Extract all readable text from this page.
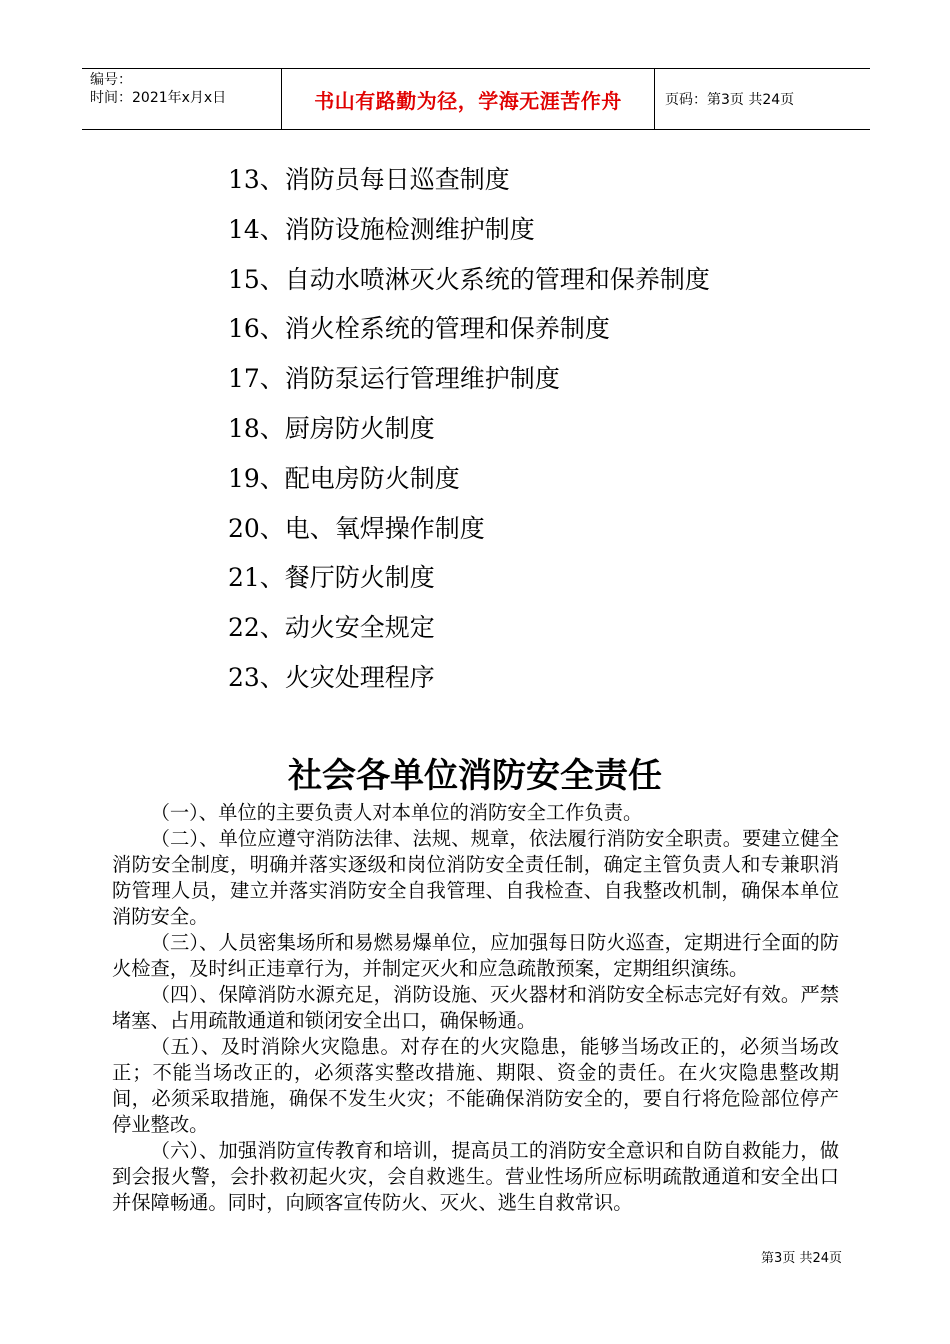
编号：
时间：2021年x月x日	书山有路勤为径，学海无涯苦作舟	页码：第3页 共24页
13、消防员每日巡查制度
14、消防设施检测维护制度
15、自动水喷淋灭火系统的管理和保养制度
16、消火栓系统的管理和保养制度
17、消防泵运行管理维护制度
18、厨房防火制度
19、配电房防火制度
20、电、氧焊操作制度
21、餐厅防火制度
22、动火安全规定
23、火灾处理程序
社会各单位消防安全责任

（一）、单位的主要负责人对本单位的消防安全工作负责。

（二）、单位应遵守消防法律、法规、规章，依法履行消防安全职责。要建立健全消防安全制度，明确并落实逐级和岗位消防安全责任制，确定主管负责人和专兼职消防管理人员，建立并落实消防安全自我管理、自我检查、自我整改机制，确保本单位消防安全。

（三）、人员密集场所和易燃易爆单位，应加强每日防火巡查，定期进行全面的防火检查，及时纠正违章行为，并制定灭火和应急疏散预案，定期组织演练。

（四）、保障消防水源充足，消防设施、灭火器材和消防安全标志完好有效。严禁堵塞、占用疏散通道和锁闭安全出口，确保畅通。

（五）、及时消除火灾隐患。对存在的火灾隐患，能够当场改正的，必须当场改正；不能当场改正的，必须落实整改措施、期限、资金的责任。在火灾隐患整改期间，必须采取措施，确保不发生火灾；不能确保消防安全的，要自行将危险部位停产停业整改。

（六）、加强消防宣传教育和培训，提高员工的消防安全意识和自防自救能力，做到会报火警，会扑救初起火灾，会自救逃生。营业性场所应标明疏散通道和安全出口并保障畅通。同时，向顾客宣传防火、灭火、逃生自救常识。

第3页 共24页
